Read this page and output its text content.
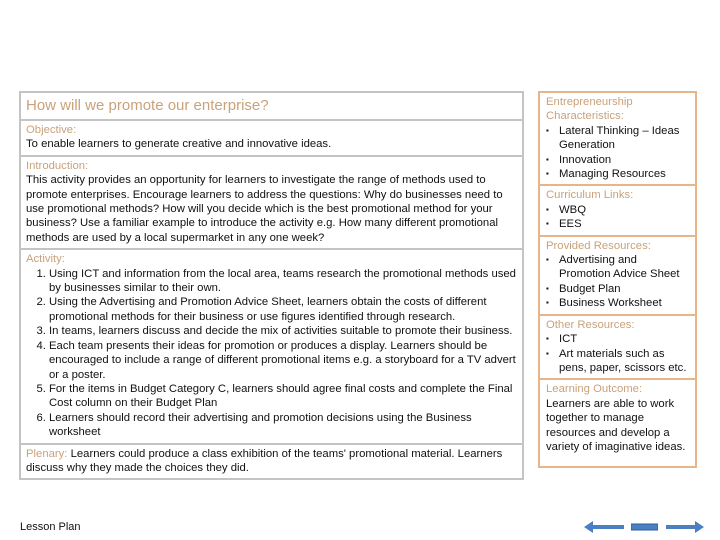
How will we promote our enterprise?
Objective:
To enable learners to generate creative and innovative ideas.
Introduction:
This activity provides an opportunity for learners to investigate the range of methods used to promote enterprises. Encourage learners to address the questions: Why do businesses need to use promotional methods? How will you decide which is the best promotional method for your business? Use a familiar example to introduce the activity e.g. How many different promotional methods are used by a local supermarket in any one week?
Activity:
1. Using ICT and information from the local area, teams research the promotional methods used by businesses similar to their own.
2. Using the Advertising and Promotion Advice Sheet, learners obtain the costs of different promotional methods for their business or use figures identified through research.
3. In teams, learners discuss and decide the mix of activities suitable to promote their business.
4. Each team presents their ideas for promotion or produces a display. Learners should be encouraged to include a range of different promotional items e.g. a storyboard for a TV advert or a poster.
5. For the items in Budget Category C, learners should agree final costs and complete the Final Cost column on their Budget Plan
6. Learners should record their advertising and promotion decisions using the Business worksheet
Plenary: Learners could produce a class exhibition of the teams' promotional material. Learners discuss why they made the choices they did.
Entrepreneurship Characteristics:
▪ Lateral Thinking – Ideas Generation
▪ Innovation
▪ Managing Resources
Curriculum Links:
▪ WBQ
▪ EES
Provided Resources:
▪ Advertising and Promotion Advice Sheet
▪ Budget Plan
▪ Business Worksheet
Other Resources:
▪ ICT
▪ Art materials such as pens, paper, scissors etc.
Learning Outcome:
Learners are able to work together to manage resources and develop a variety of imaginative ideas.
Lesson Plan
